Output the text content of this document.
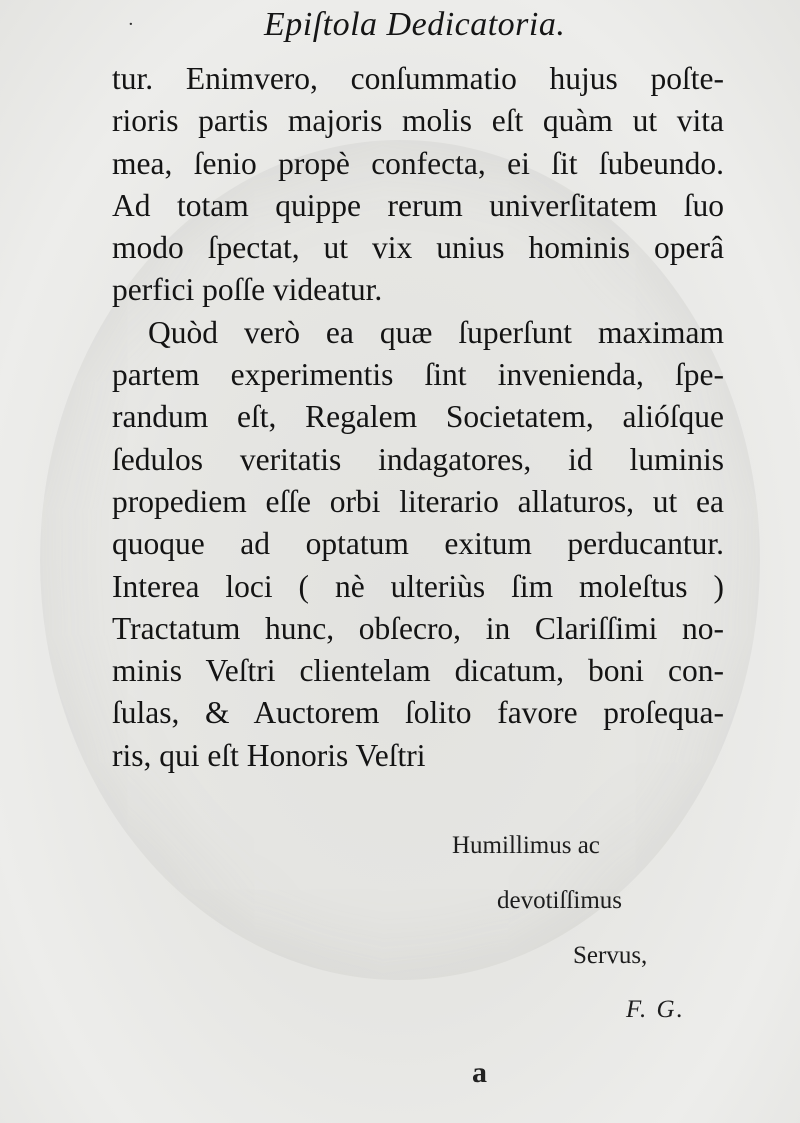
·	Epiſtola Dedicatoria.
tur. Enimvero, conſummatio hujus poſte-
rioris partis majoris molis eſt quàm ut vita
mea, ſenio propè confecta, ei ſit ſubeundo.
Ad totam quippe rerum univerſitatem ſuo
modo ſpectat, ut vix unius hominis operâ
perfici poſſe videatur.
Quòd verò ea quæ ſuperſunt maximam
partem experimentis ſint invenienda, ſpe-
randum eſt, Regalem Societatem, alióſque
ſedulos veritatis indagatores, id luminis
propediem eſſe orbi literario allaturos, ut ea
quoque ad optatum exitum perducantur.
Interea loci ( nè ulteriùs ſim moleſtus )
Tractatum hunc, obſecro, in Clariſſimi no-
minis Veſtri clientelam dicatum, boni con-
ſulas, & Auctorem ſolito favore proſequa-
ris, qui eſt Honoris Veſtri
Humillimus ac
devotiſſimus
Servus,
F. G.
a
